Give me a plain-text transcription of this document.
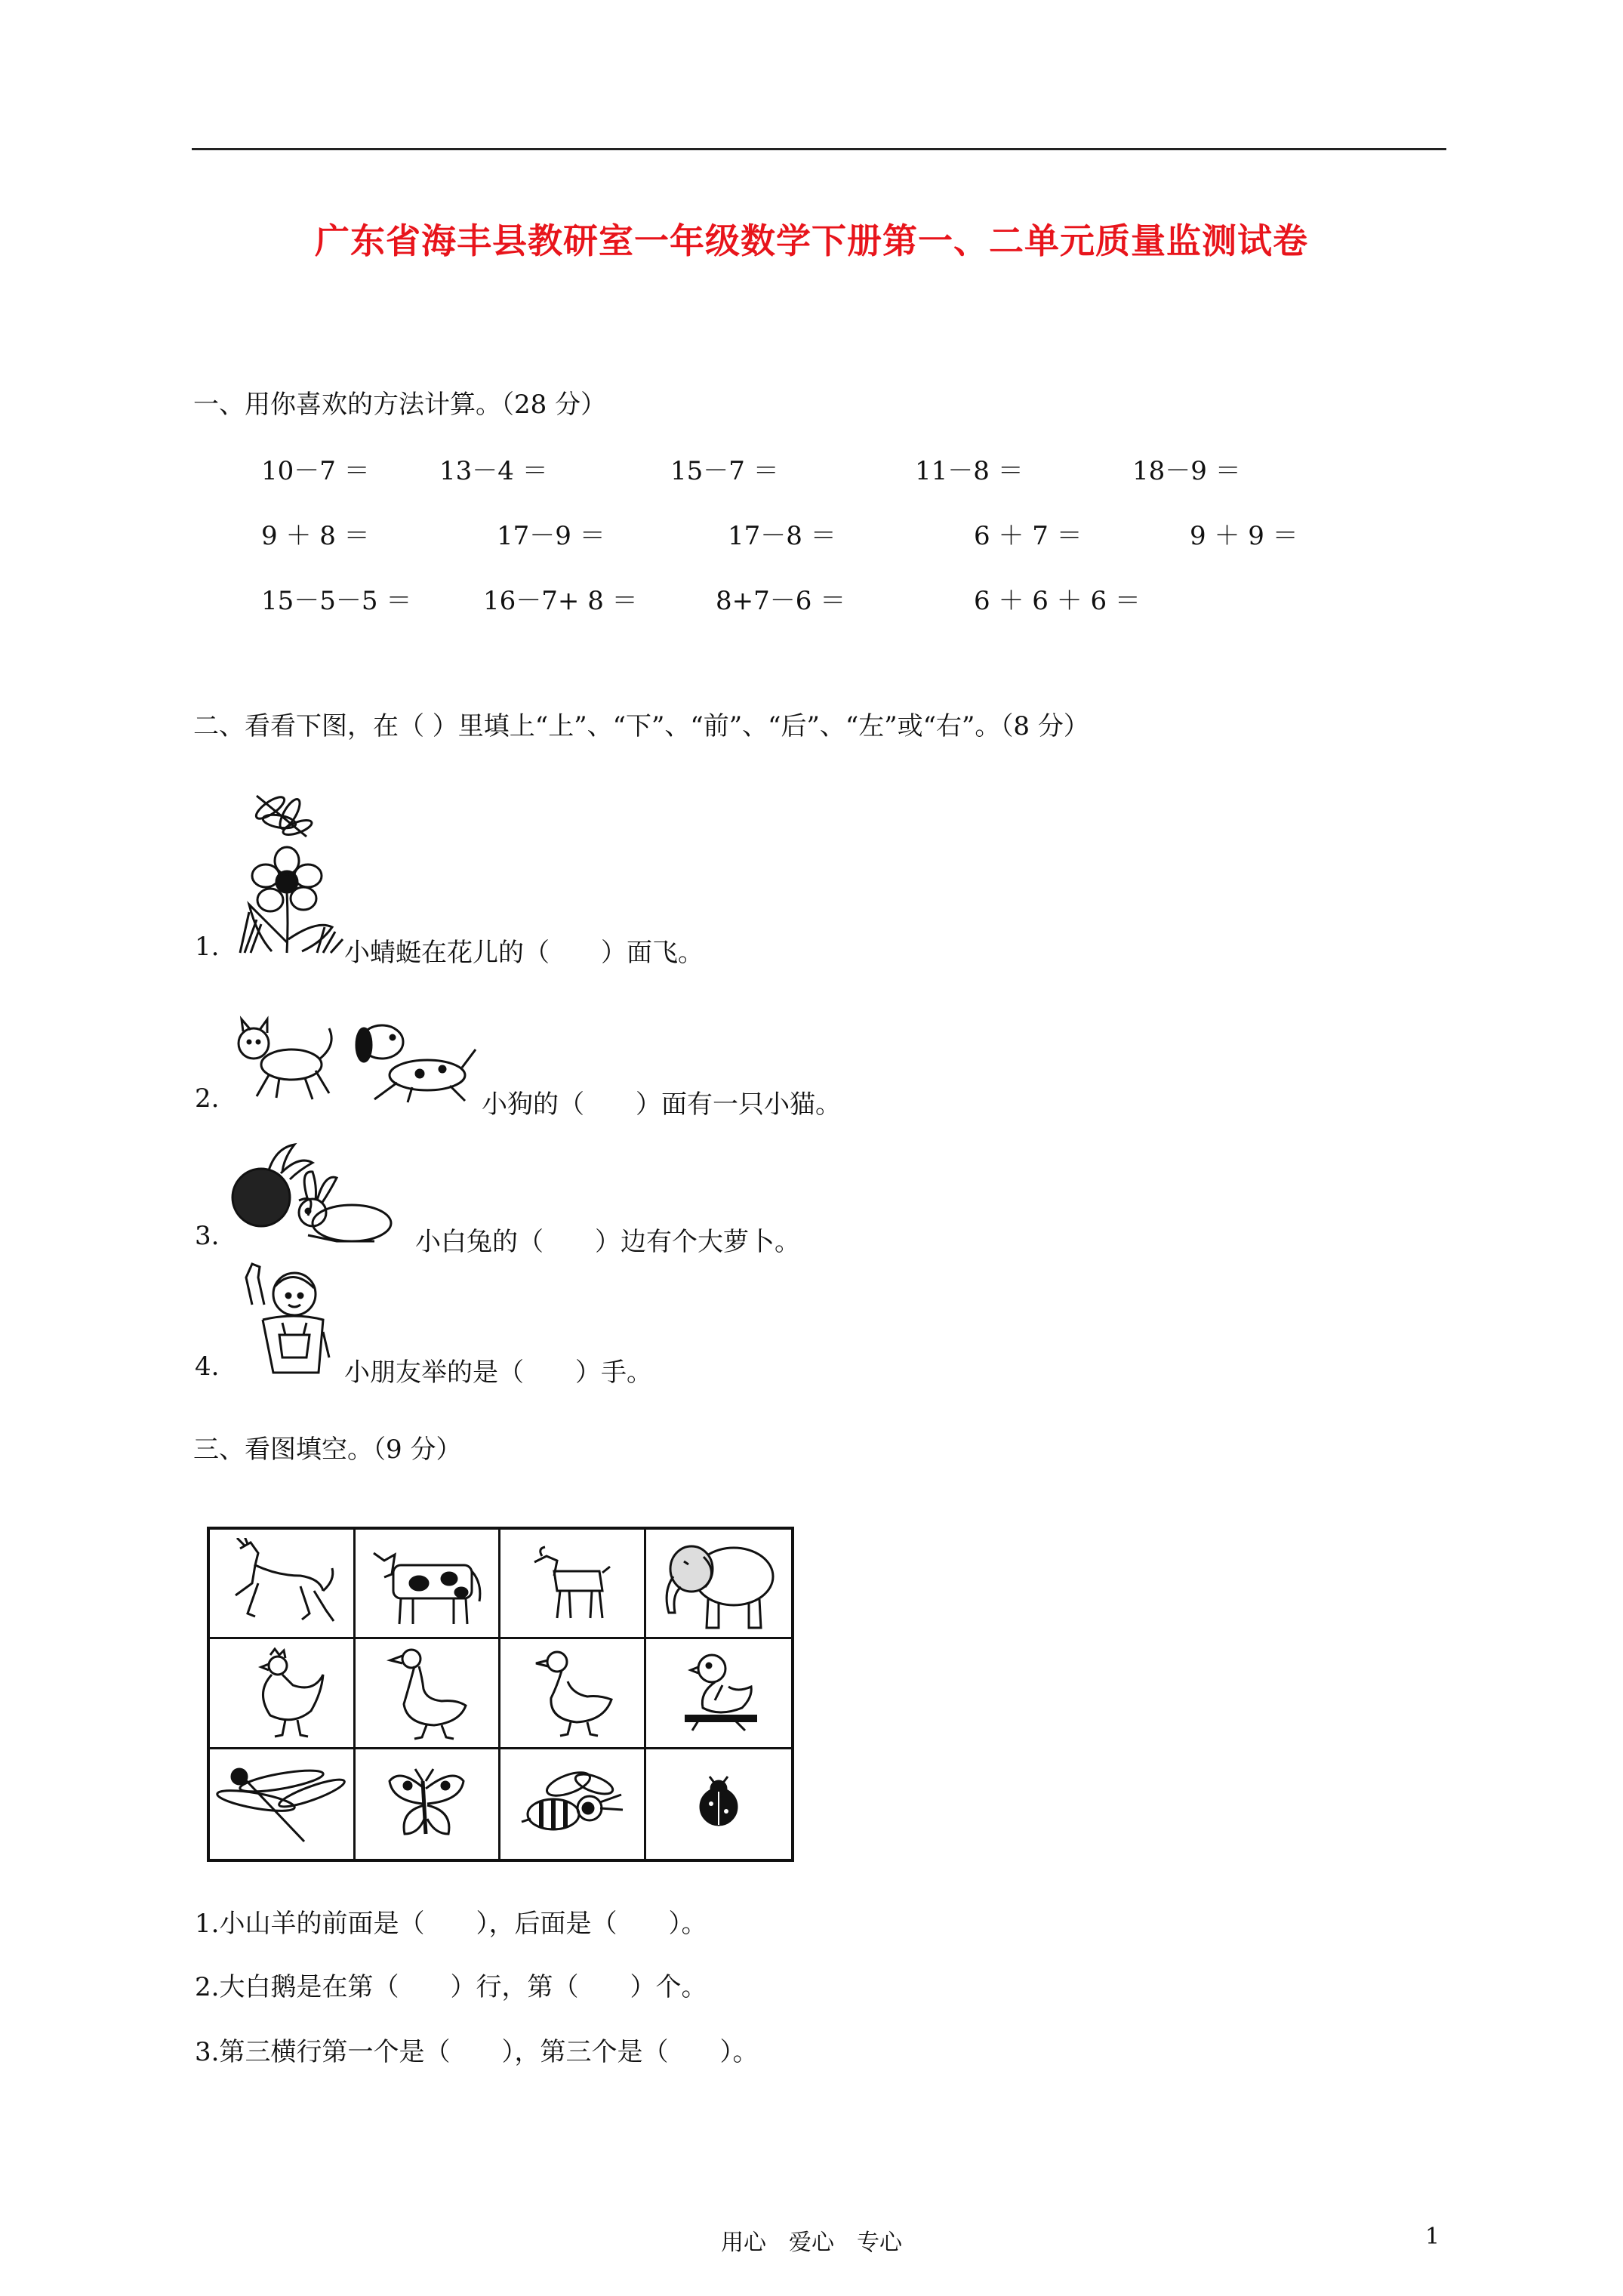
广东省海丰县教研室一年级数学下册第一、二单元质量监测试卷
一、用你喜欢的方法计算。（28 分）
10－7 ＝	13－4 ＝	15－7 ＝	11－8 ＝	18－9 ＝
9 ＋ 8 ＝	17－9 ＝	17－8 ＝	6 ＋ 7 ＝	9 ＋ 9 ＝
15－5－5 ＝	16－7+ 8 ＝	8+7－6 ＝	6 ＋ 6 ＋ 6 ＝
二、看看下图，在（ ）里填上“上”、“下”、“前”、“后”、“左”或“右”。（8 分）
1.	小蜻蜓在花儿的（　　）面飞。
2.	小狗的（　　）面有一只小猫。
3.	小白兔的（　　）边有个大萝卜。
4.	小朋友举的是（　　）手。
三、看图填空。（9 分）
1.小山羊的前面是（　　），后面是（　　）。
2.大白鹅是在第（　　）行，第（　　）个。
3.第三横行第一个是（　　），第三个是（　　）。
用心　爱心　专心	1
